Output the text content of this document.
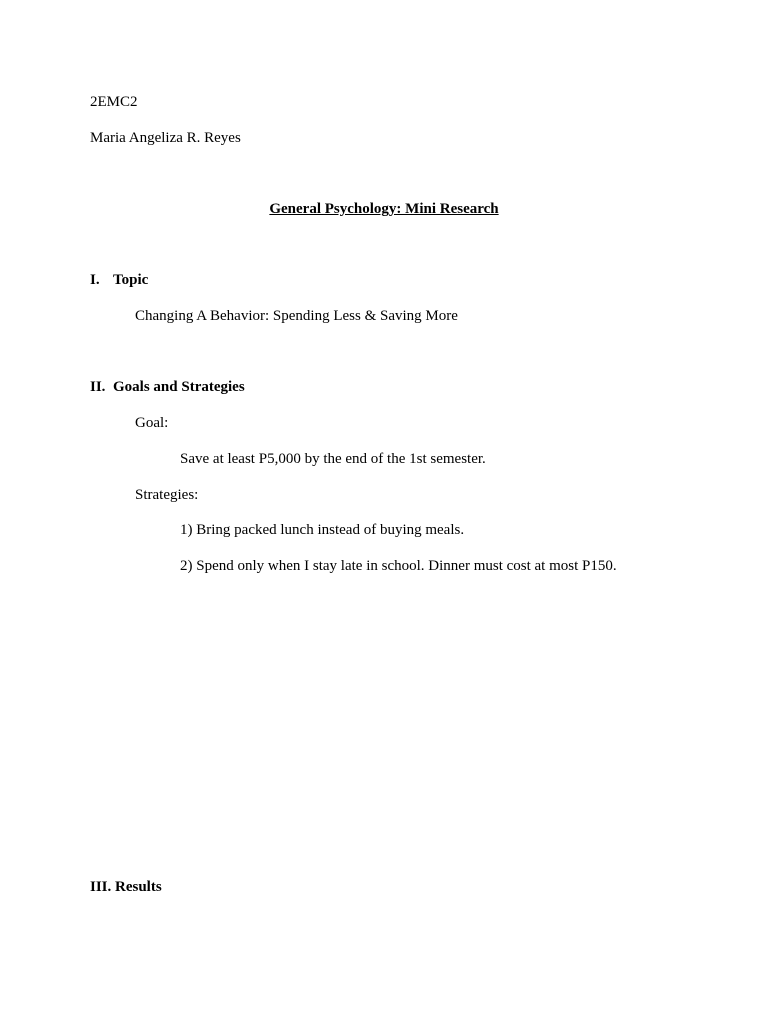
2EMC2
Maria Angeliza R. Reyes
General Psychology: Mini Research
I. Topic
Changing A Behavior: Spending Less & Saving More
II. Goals and Strategies
Goal:
Save at least P5,000 by the end of the 1st semester.
Strategies:
1) Bring packed lunch instead of buying meals.
2) Spend only when I stay late in school. Dinner must cost at most P150.
III. Results
